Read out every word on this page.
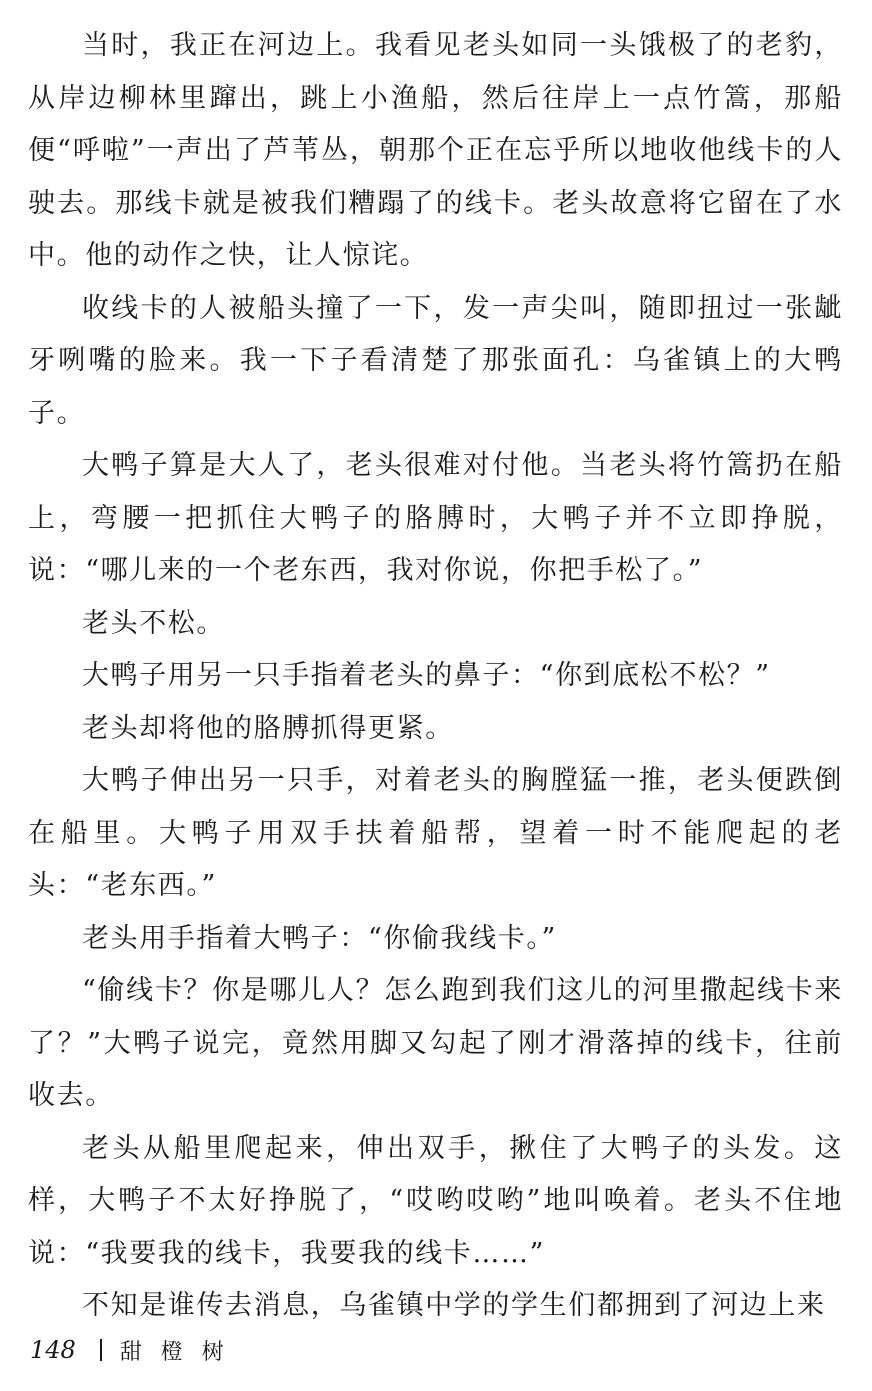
当时，我正在河边上。我看见老头如同一头饿极了的老豹，从岸边柳林里蹿出，跳上小渔船，然后往岸上一点竹篙，那船便“呼啦”一声出了芦苇丛，朝那个正在忘乎所以地收他线卡的人驶去。那线卡就是被我们糟蹋了的线卡。老头故意将它留在了水中。他的动作之快，让人惊诧。

收线卡的人被船头撞了一下，发一声尖叫，随即扭过一张龇牙咧嘴的脸来。我一下子看清楚了那张面孔：乌雀镇上的大鸭子。

大鸭子算是大人了，老头很难对付他。当老头将竹篙扔在船上，弯腰一把抓住大鸭子的胳膊时，大鸭子并不立即挣脱，说：“哪儿来的一个老东西，我对你说，你把手松了。”

老头不松。

大鸭子用另一只手指着老头的鼻子：“你到底松不松？”

老头却将他的胳膊抓得更紧。

大鸭子伸出另一只手，对着老头的胸膛猛一推，老头便跌倒在船里。大鸭子用双手扶着船帮，望着一时不能爬起的老头：“老东西。”

老头用手指着大鸭子：“你偷我线卡。”

“偷线卡？你是哪儿人？怎么跑到我们这儿的河里撒起线卡来了？”大鸭子说完，竟然用脚又勾起了刚才滑落掉的线卡，往前收去。

老头从船里爬起来，伸出双手，揪住了大鸭子的头发。这样，大鸭子不太好挣脱了，“哎哟哎哟”地叫唤着。老头不住地说：“我要我的线卡，我要我的线卡……”

不知是谁传去消息，乌雀镇中学的学生们都拥到了河边上来

148 甜 橙 树
